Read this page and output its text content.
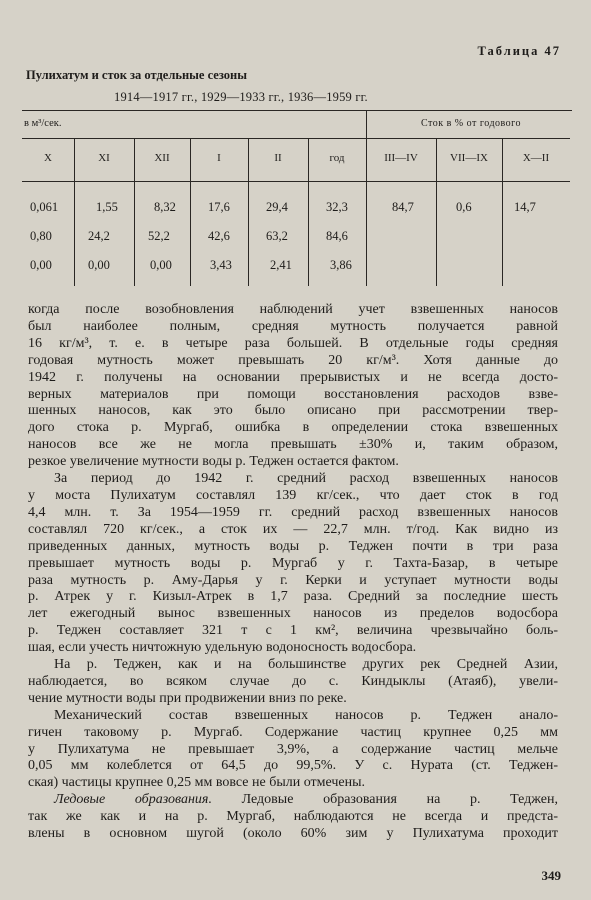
Таблица 47
Пулихатум и сток за отдельные сезоны
1914—1917 гг., 1929—1933 гг., 1936—1959 гг.
в м³/сек.	Сток в % от годового
X	XI	XII	I	II	год	III—IV	VII—IX	X—II
0,061	1,55	8,32	17,6	29,4	32,3	84,7	0,6	14,7
0,80	24,2	52,2	42,6	63,2	84,6
0,00	0,00	0,00	3,43	2,41	3,86
когда после возобновления наблюдений учет взвешенных наносов
был наиболее полным, средняя мутность получается равной
16 кг/м³, т. е. в четыре раза большей. В отдельные годы средняя
годовая мутность может превышать 20 кг/м³. Хотя данные до
1942 г. получены на основании прерывистых и не всегда досто-
верных материалов при помощи восстановления расходов взве-
шенных наносов, как это было описано при рассмотрении твер-
дого стока р. Мургаб, ошибка в определении стока взвешенных
наносов все же не могла превышать ±30% и, таким образом,
резкое увеличение мутности воды р. Теджен остается фактом.
За период до 1942 г. средний расход взвешенных наносов
у моста Пулихатум составлял 139 кг/сек., что дает сток в год
4,4 млн. т. За 1954—1959 гг. средний расход взвешенных наносов
составлял 720 кг/сек., а сток их — 22,7 млн. т/год. Как видно из
приведенных данных, мутность воды р. Теджен почти в три раза
превышает мутность воды р. Мургаб у г. Тахта-Базар, в четыре
раза мутность р. Аму-Дарья у г. Керки и уступает мутности воды
р. Атрек у г. Кизыл-Атрек в 1,7 раза. Средний за последние шесть
лет ежегодный вынос взвешенных наносов из пределов водосбора
р. Теджен составляет 321 т с 1 км², величина чрезвычайно боль-
шая, если учесть ничтожную удельную водоносность водосбора.
На р. Теджен, как и на большинстве других рек Средней Азии,
наблюдается, во всяком случае до с. Киндыклы (Атаяб), увели-
чение мутности воды при продвижении вниз по реке.
Механический состав взвешенных наносов р. Теджен анало-
гичен таковому р. Мургаб. Содержание частиц крупнее 0,25 мм
у Пулихатума не превышает 3,9%, а содержание частиц мельче
0,05 мм колеблется от 64,5 до 99,5%. У с. Нурата (ст. Теджен-
ская) частицы крупнее 0,25 мм вовсе не были отмечены.
Ледовые образования. Ледовые образования на р. Теджен,
так же как и на р. Мургаб, наблюдаются не всегда и предста-
влены в основном шугой (около 60% зим у Пулихатума проходит
349
